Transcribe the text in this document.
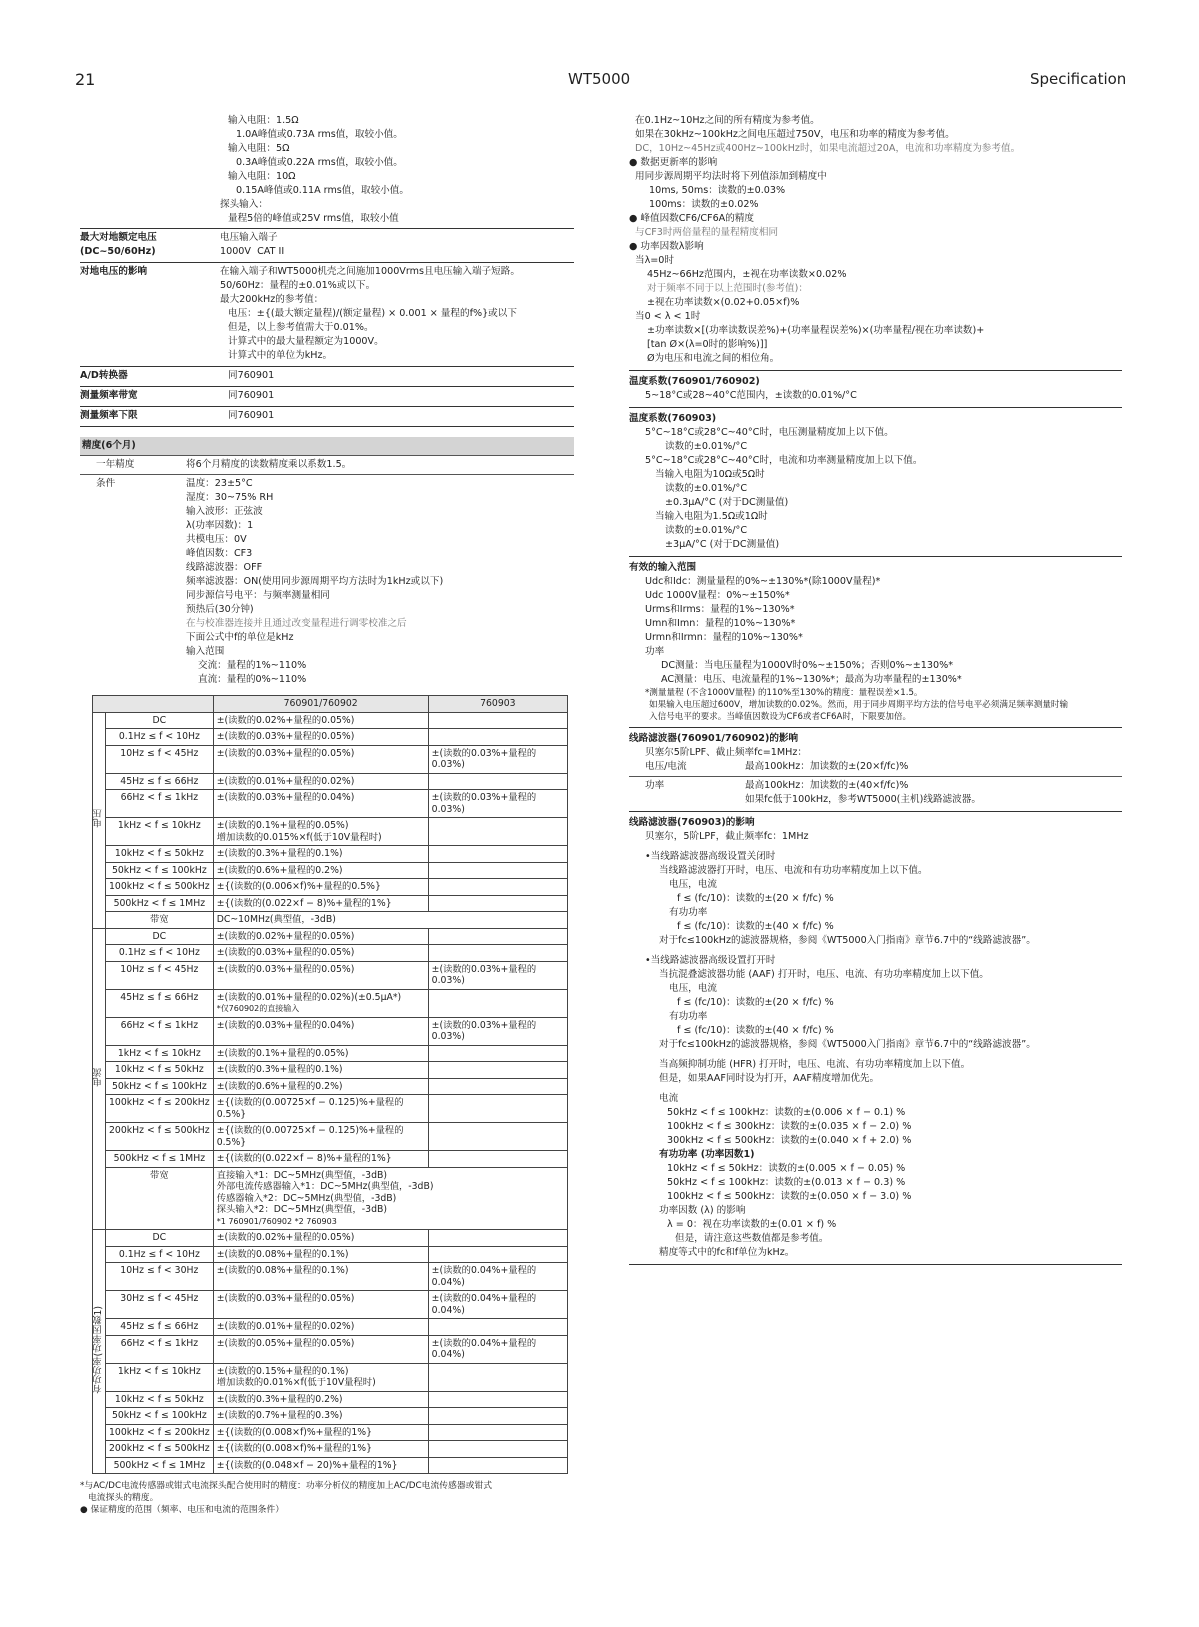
21	WT5000	Specification
输入电阻：1.5Ω
1.0A峰值或0.73A rms值，取较小值。
输入电阻：5Ω
0.3A峰值或0.22A rms值，取较小值。
输入电阻：10Ω
0.15A峰值或0.11A rms值，取较小值。
探头输入：
量程5倍的峰值或25V rms值，取较小值
最大对地额定电压
(DC~50/60Hz)
电压输入端子
1000V  CAT II
对地电压的影响	在输入端子和WT5000机壳之间施加1000Vrms且电压输入端子短路。
50/60Hz：量程的±0.01%或以下。
最大200kHz的参考值：
电压：±{(最大额定量程)/(额定量程) × 0.001 × 量程的f%}或以下
但是，以上参考值需大于0.01%。
计算式中的最大量程额定为1000V。
计算式中的单位为kHz。
A/D转换器	同760901
测量频率带宽	同760901
测量频率下限	同760901
精度(6个月)
一年精度	将6个月精度的读数精度乘以系数1.5。
条件	温度：23±5°C
湿度：30~75% RH
输入波形：正弦波
λ(功率因数)：1
共模电压：0V
峰值因数：CF3
线路滤波器：OFF
频率滤波器：ON(使用同步源周期平均方法时为1kHz或以下)
同步源信号电平：与频率测量相同
预热后(30分钟)
在与校准器连接并且通过改变量程进行调零校准之后
下面公式中f的单位是kHz
输入范围
交流：量程的1%~110%
直流：量程的0%~110%
		760901/760902	760903
电压	DC	±(读数的0.02%+量程的0.05%)	

	0.1Hz ≤ f < 10Hz	±(读数的0.03%+量程的0.05%)	

	10Hz ≤ f < 45Hz	±(读数的0.03%+量程的0.05%)	±(读数的0.03%+量程的0.03%)

	45Hz ≤ f ≤ 66Hz	±(读数的0.01%+量程的0.02%)	

	66Hz < f ≤ 1kHz	±(读数的0.03%+量程的0.04%)	±(读数的0.03%+量程的0.03%)

	1kHz < f ≤ 10kHz	±(读数的0.1%+量程的0.05%)
增加读数的0.015%×f(低于10V量程时)	

	10kHz < f ≤ 50kHz	±(读数的0.3%+量程的0.1%)	

	50kHz < f ≤ 100kHz	±(读数的0.6%+量程的0.2%)	

	100kHz < f ≤ 500kHz	±{(读数的(0.006×f)%+量程的0.5%}	

	500kHz < f ≤ 1MHz	±{(读数的(0.022×f − 8)%+量程的1%}	

	带宽	DC~10MHz(典型值，-3dB)	

电流	DC	±(读数的0.02%+量程的0.05%)	

	0.1Hz ≤ f < 10Hz	±(读数的0.03%+量程的0.05%)	

	10Hz ≤ f < 45Hz	±(读数的0.03%+量程的0.05%)	±(读数的0.03%+量程的0.03%)

	45Hz ≤ f ≤ 66Hz	±(读数的0.01%+量程的0.02%)(±0.5μA*)
*仅760902的直接输入	

	66Hz < f ≤ 1kHz	±(读数的0.03%+量程的0.04%)	±(读数的0.03%+量程的0.03%)

	1kHz < f ≤ 10kHz	±(读数的0.1%+量程的0.05%)	

	10kHz < f ≤ 50kHz	±(读数的0.3%+量程的0.1%)	

	50kHz < f ≤ 100kHz	±(读数的0.6%+量程的0.2%)	

	100kHz < f ≤ 200kHz	±{(读数的(0.00725×f − 0.125)%+量程的0.5%}	

	200kHz < f ≤ 500kHz	±{(读数的(0.00725×f − 0.125)%+量程的0.5%}	

	500kHz < f ≤ 1MHz	±{(读数的(0.022×f − 8)%+量程的1%}	

	带宽	直接输入*1：DC~5MHz(典型值，-3dB)
外部电流传感器输入*1：DC~5MHz(典型值，-3dB)
传感器输入*2：DC~5MHz(典型值，-3dB)
探头输入*2：DC~5MHz(典型值，-3dB)
*1 760901/760902 *2 760903	

有功功率(功率因数1)	DC	±(读数的0.02%+量程的0.05%)	

	0.1Hz ≤ f < 10Hz	±(读数的0.08%+量程的0.1%)	

	10Hz ≤ f < 30Hz	±(读数的0.08%+量程的0.1%)	±(读数的0.04%+量程的0.04%)

	30Hz ≤ f < 45Hz	±(读数的0.03%+量程的0.05%)	±(读数的0.04%+量程的0.04%)

	45Hz ≤ f ≤ 66Hz	±(读数的0.01%+量程的0.02%)	

	66Hz < f ≤ 1kHz	±(读数的0.05%+量程的0.05%)	±(读数的0.04%+量程的0.04%)

	1kHz < f ≤ 10kHz	±(读数的0.15%+量程的0.1%)
增加读数的0.01%×f(低于10V量程时)	

	10kHz < f ≤ 50kHz	±(读数的0.3%+量程的0.2%)	

	50kHz < f ≤ 100kHz	±(读数的0.7%+量程的0.3%)	

	100kHz < f ≤ 200kHz	±{(读数的(0.008×f)%+量程的1%}	

	200kHz < f ≤ 500kHz	±{(读数的(0.008×f)%+量程的1%}	

	500kHz < f ≤ 1MHz	±{(读数的(0.048×f − 20)%+量程的1%}	

*与AC/DC电流传感器或钳式电流探头配合使用时的精度：功率分析仪的精度加上AC/DC电流传感器或钳式
电流探头的精度。
● 保证精度的范围（频率、电压和电流的范围条件）
在0.1Hz~10Hz之间的所有精度为参考值。
如果在30kHz~100kHz之间电压超过750V，电压和功率的精度为参考值。
DC，10Hz~45Hz或400Hz~100kHz时，如果电流超过20A，电流和功率精度为参考值。
● 数据更新率的影响
用同步源周期平均法时将下列值添加到精度中
10ms, 50ms：读数的±0.03%
100ms：读数的±0.02%
● 峰值因数CF6/CF6A的精度
与CF3时两倍量程的量程精度相同
● 功率因数λ影响
当λ=0时
45Hz~66Hz范围内，±视在功率读数×0.02%
对于频率不同于以上范围时(参考值)：
±视在功率读数×(0.02+0.05×f)%
当0 < λ < 1时
±功率读数×[(功率读数误差%)+(功率量程误差%)×(功率量程/视在功率读数)+
[tan Ø×(λ=0时的影响%)]]
Ø为电压和电流之间的相位角。
温度系数(760901/760902)
5~18°C或28~40°C范围内，±读数的0.01%/°C
温度系数(760903)
5°C~18°C或28°C~40°C时，电压测量精度加上以下值。
读数的±0.01%/°C
5°C~18°C或28°C~40°C时，电流和功率测量精度加上以下值。
当输入电阻为10Ω或5Ω时
读数的±0.01%/°C
±0.3μA/°C (对于DC测量值)
当输入电阻为1.5Ω或1Ω时
读数的±0.01%/°C
±3μA/°C (对于DC测量值)
有效的输入范围
Udc和Idc：测量量程的0%~±130%*(除1000V量程)*
Udc 1000V量程：0%~±150%*
Urms和Irms：量程的1%~130%*
Umn和Imn：量程的10%~130%*
Urmn和Irmn：量程的10%~130%*
功率
DC测量：当电压量程为1000V时0%~±150%；否则0%~±130%*
AC测量：电压、电流量程的1%~130%*；最高为功率量程的±130%*
*测量量程 (不含1000V量程) 的110%至130%的精度：量程误差×1.5。
如果输入电压超过600V，增加读数的0.02%。然而，用于同步周期平均方法的信号电平必须满足频率测量时输
入信号电平的要求。当峰值因数设为CF6或者CF6A时，下限要加倍。
线路滤波器(760901/760902)的影响
贝塞尔5阶LPF、截止频率fc=1MHz：
电压/电流	最高100kHz：加读数的±(20×f/fc)%
功率	最高100kHz：加读数的±(40×f/fc)%
如果fc低于100kHz，参考WT5000(主机)线路滤波器。
线路滤波器(760903)的影响
贝塞尔，5阶LPF，截止频率fc：1MHz
•当线路滤波器高级设置关闭时
当线路滤波器打开时，电压、电流和有功功率精度加上以下值。
电压，电流
f ≤ (fc/10)：读数的±(20 × f/fc) %
有功功率
f ≤ (fc/10)：读数的±(40 × f/fc) %
对于fc≤100kHz的滤波器规格，参阅《WT5000入门指南》章节6.7中的“线路滤波器”。
•当线路滤波器高级设置打开时
当抗混叠滤波器功能 (AAF) 打开时，电压、电流、有功功率精度加上以下值。
电压，电流
f ≤ (fc/10)：读数的±(20 × f/fc) %
有功功率
f ≤ (fc/10)：读数的±(40 × f/fc) %
对于fc≤100kHz的滤波器规格，参阅《WT5000入门指南》章节6.7中的“线路滤波器”。
当高频抑制功能 (HFR) 打开时，电压、电流、有功功率精度加上以下值。
但是，如果AAF同时设为打开，AAF精度增加优先。
电流
50kHz < f ≤ 100kHz：读数的±(0.006 × f − 0.1) %
100kHz < f ≤ 300kHz：读数的±(0.035 × f − 2.0) %
300kHz < f ≤ 500kHz：读数的±(0.040 × f + 2.0) %
有功功率 (功率因数1)
10kHz < f ≤ 50kHz：读数的±(0.005 × f − 0.05) %
50kHz < f ≤ 100kHz：读数的±(0.013 × f − 0.3) %
100kHz < f ≤ 500kHz：读数的±(0.050 × f − 3.0) %
功率因数 (λ) 的影响
λ = 0：视在功率读数的±(0.01 × f) %
但是，请注意这些数值都是参考值。
精度等式中的fc和f单位为kHz。
